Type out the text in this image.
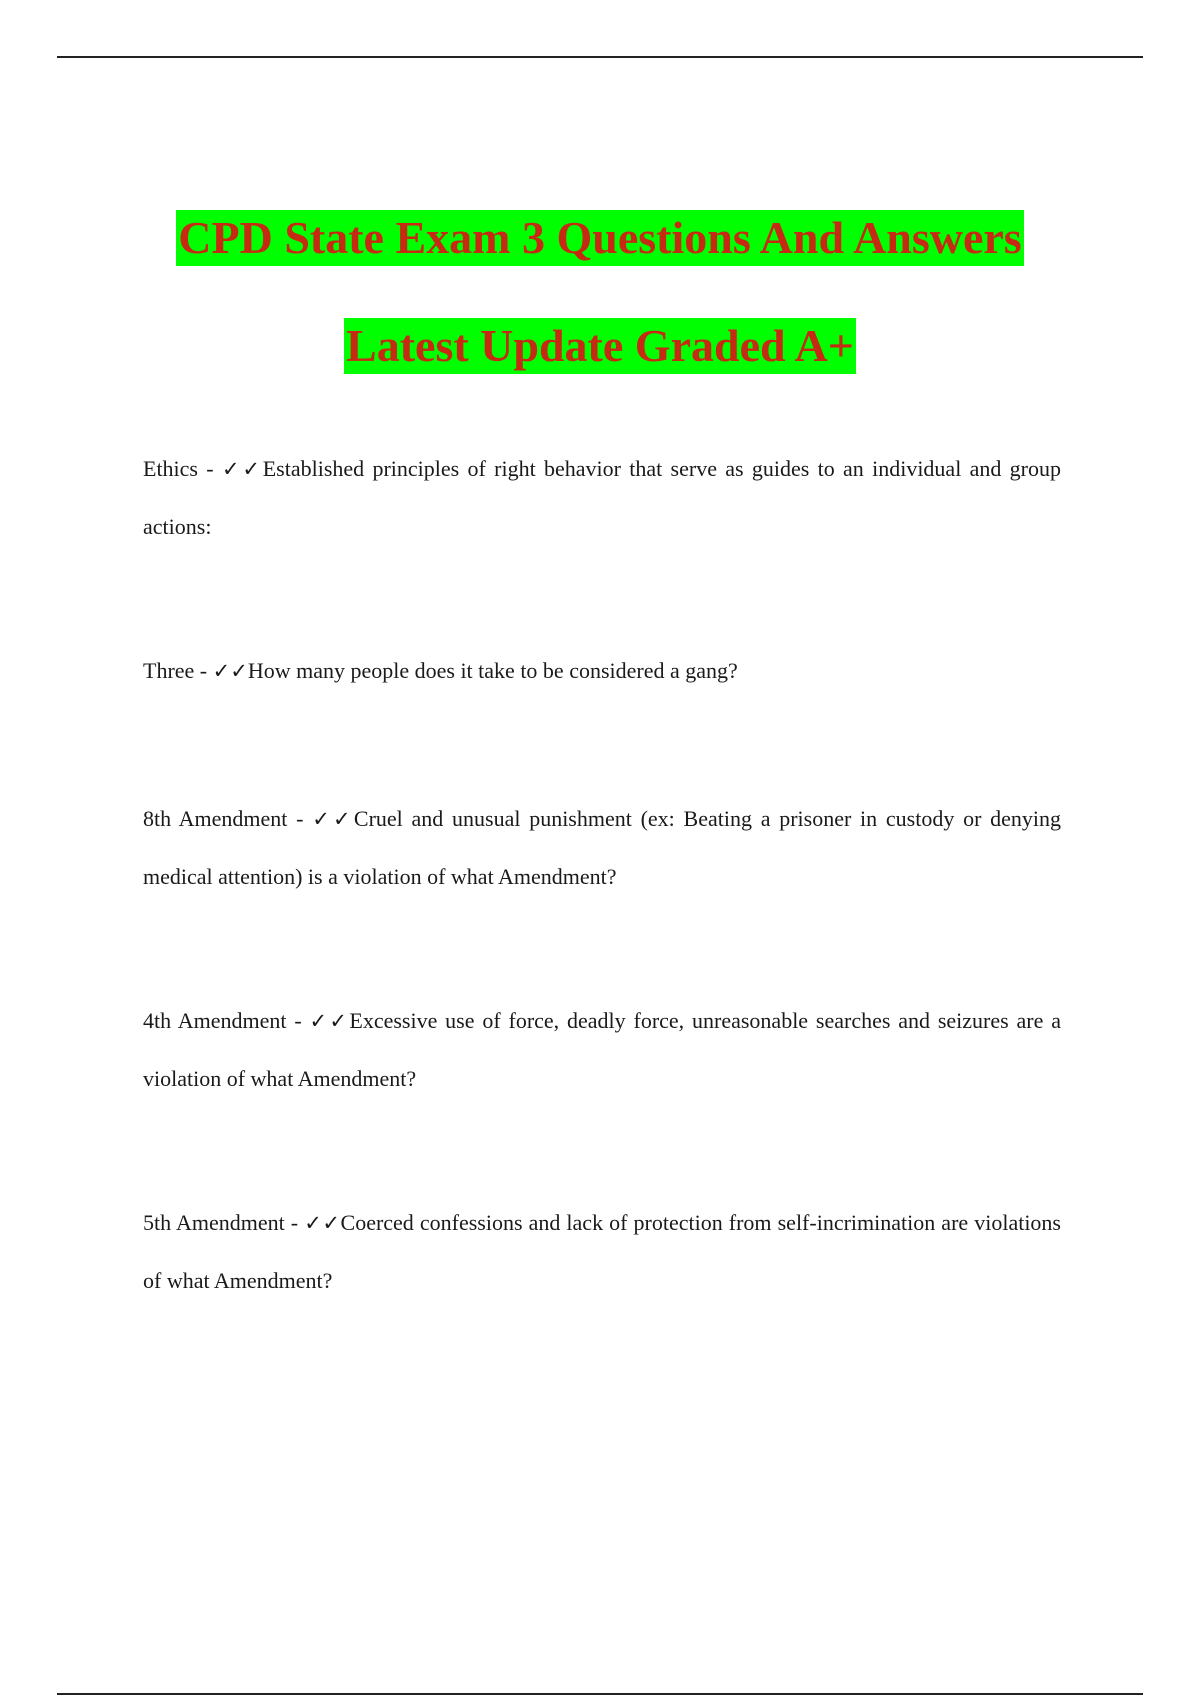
CPD State Exam 3 Questions And Answers
Latest Update Graded A+
Ethics - ✓✓Established principles of right behavior that serve as guides to an individual and group actions:
Three - ✓✓How many people does it take to be considered a gang?
8th Amendment - ✓✓Cruel and unusual punishment (ex: Beating a prisoner in custody or denying medical attention) is a violation of what Amendment?
4th Amendment - ✓✓Excessive use of force, deadly force, unreasonable searches and seizures are a violation of what Amendment?
5th Amendment - ✓✓Coerced confessions and lack of protection from self-incrimination are violations of what Amendment?
